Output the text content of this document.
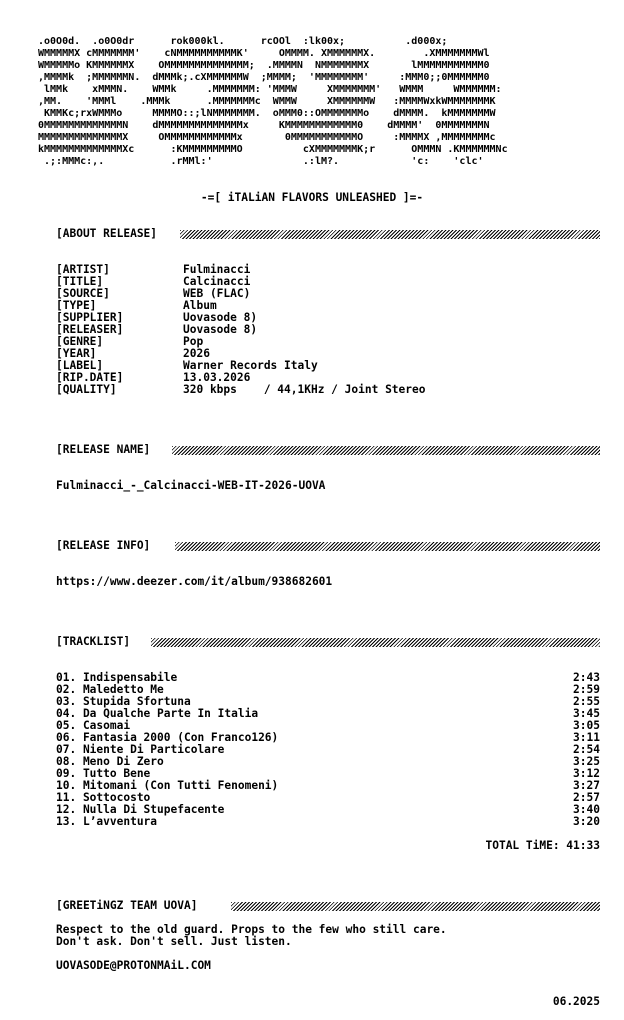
.o0O0d.  .o0O0dr      rok000kl.      rcOOl  :lk00x;          .d000x;
WMMMMMX cMMMMMMM'    cNMMMMMMMMMMK'     OMMMM. XMMMMMMX.        .XMMMMMMMWl
WMMMMMo KMMMMMMX    OMMMMMMMMMMMMMM;  .MMMMN  NMMMMMMMX       lMMMMMMMMMMM0
,MMMMk  ;MMMMMMN.  dMMMk;.cXMMMMMMW  ;MMMM;  'MMMMMMMM'     :MMM0;;0MMMMMM0
lMMk    xMMMN.    WMMk     .MMMMMMM: 'MMMW     XMMMMMMM'   WMMM     WMMMMMM:
,MM.    'MMMl    .MMMk      .MMMMMMMc  WMMW     XMMMMMMW   :MMMMWxkWMMMMMMMK
KMMKc;rxWMMMo     MMMMO::;lNMMMMMMM.  oMMM0::OMMMMMMMo    dMMMM.  kMMMMMMMW
0MMMMMMMMMMMMMN    dMMMMMMMMMMMMMMx     KMMMMMMMMMMMM0    dMMMM'  0MMMMMMMN
MMMMMMMMMMMMMMX     OMMMMMMMMMMMMx       0MMMMMMMMMMMO     :MMMMX ,MMMMMMMMc
kMMMMMMMMMMMMMXc      :KMMMMMMMMMO          cXMMMMMMMK;r      OMMMN .KMMMMMMNc
.;:MMMc:,.           .rMMl:'               .:lM?.            'c:    'clc'
-=[ iTALiAN FLAVORS UNLEASHED ]=-

[ABOUT RELEASE]

[ARTIST]	Fulminacci
[TITLE]	Calcinacci
[SOURCE]	WEB (FLAC)
[TYPE]	Album
[SUPPLIER]	Uovasode 8)
[RELEASER]	Uovasode 8)
[GENRE]	Pop
[YEAR]	2026
[LABEL]	Warner Records Italy
[RIP.DATE]	13.03.2026
[QUALITY]	320 kbps    / 44,1KHz / Joint Stereo

[RELEASE NAME]

Fulminacci_-_Calcinacci-WEB-IT-2026-UOVA

[RELEASE INFO]

https://www.deezer.com/it/album/938682601

[TRACKLIST]

01. Indispensabile	2:43
02. Maledetto Me	2:59
03. Stupida Sfortuna	2:55
04. Da Qualche Parte In Italia	3:45
05. Casomai	3:05
06. Fantasia 2000 (Con Franco126)	3:11
07. Niente Di Particolare	2:54
08. Meno Di Zero	3:25
09. Tutto Bene	3:12
10. Mitomani (Con Tutti Fenomeni)	3:27
11. Sottocosto	2:57
12. Nulla Di Stupefacente	3:40
13. Lʼavventura	3:20
TOTAL TiME: 41:33

[GREETiNGZ TEAM UOVA]

Respect to the old guard. Props to the few who still care.
Don't ask. Don't sell. Just listen.
UOVASODE@PROTONMAiL.COM
06.2025
